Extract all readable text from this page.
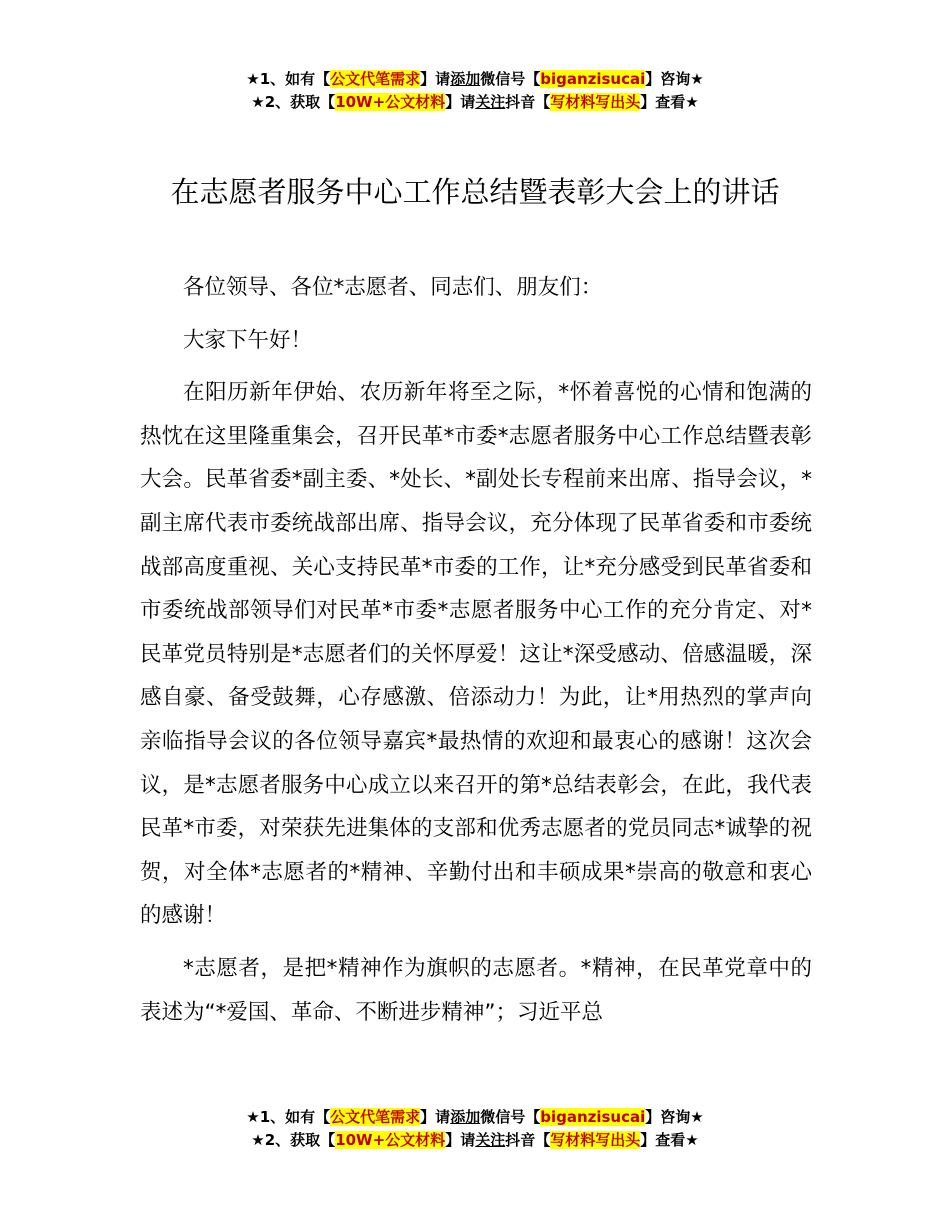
★1、如有【公文代笔需求】请添加微信号【biganzisucai】咨询★
★2、获取【10W+公文材料】请关注抖音【写材料写出头】查看★
在志愿者服务中心工作总结暨表彰大会上的讲话

各位领导、各位*志愿者、同志们、朋友们：

大家下午好！

在阳历新年伊始、农历新年将至之际，*怀着喜悦的心情和饱满的热忱在这里隆重集会，召开民革*市委*志愿者服务中心工作总结暨表彰大会。民革省委*副主委、*处长、*副处长专程前来出席、指导会议，*副主席代表市委统战部出席、指导会议，充分体现了民革省委和市委统战部高度重视、关心支持民革*市委的工作，让*充分感受到民革省委和市委统战部领导们对民革*市委*志愿者服务中心工作的充分肯定、对*民革党员特别是*志愿者们的关怀厚爱！这让*深受感动、倍感温暖，深感自豪、备受鼓舞，心存感激、倍添动力！为此，让*用热烈的掌声向亲临指导会议的各位领导嘉宾*最热情的欢迎和最衷心的感谢！这次会议，是*志愿者服务中心成立以来召开的第*总结表彰会，在此，我代表民革*市委，对荣获先进集体的支部和优秀志愿者的党员同志*诚挚的祝贺，对全体*志愿者的*精神、辛勤付出和丰硕成果*崇高的敬意和衷心的感谢！

*志愿者，是把*精神作为旗帜的志愿者。*精神，在民革党章中的表述为“*爱国、革命、不断进步精神”；习近平总

★1、如有【公文代笔需求】请添加微信号【biganzisucai】咨询★
★2、获取【10W+公文材料】请关注抖音【写材料写出头】查看★
